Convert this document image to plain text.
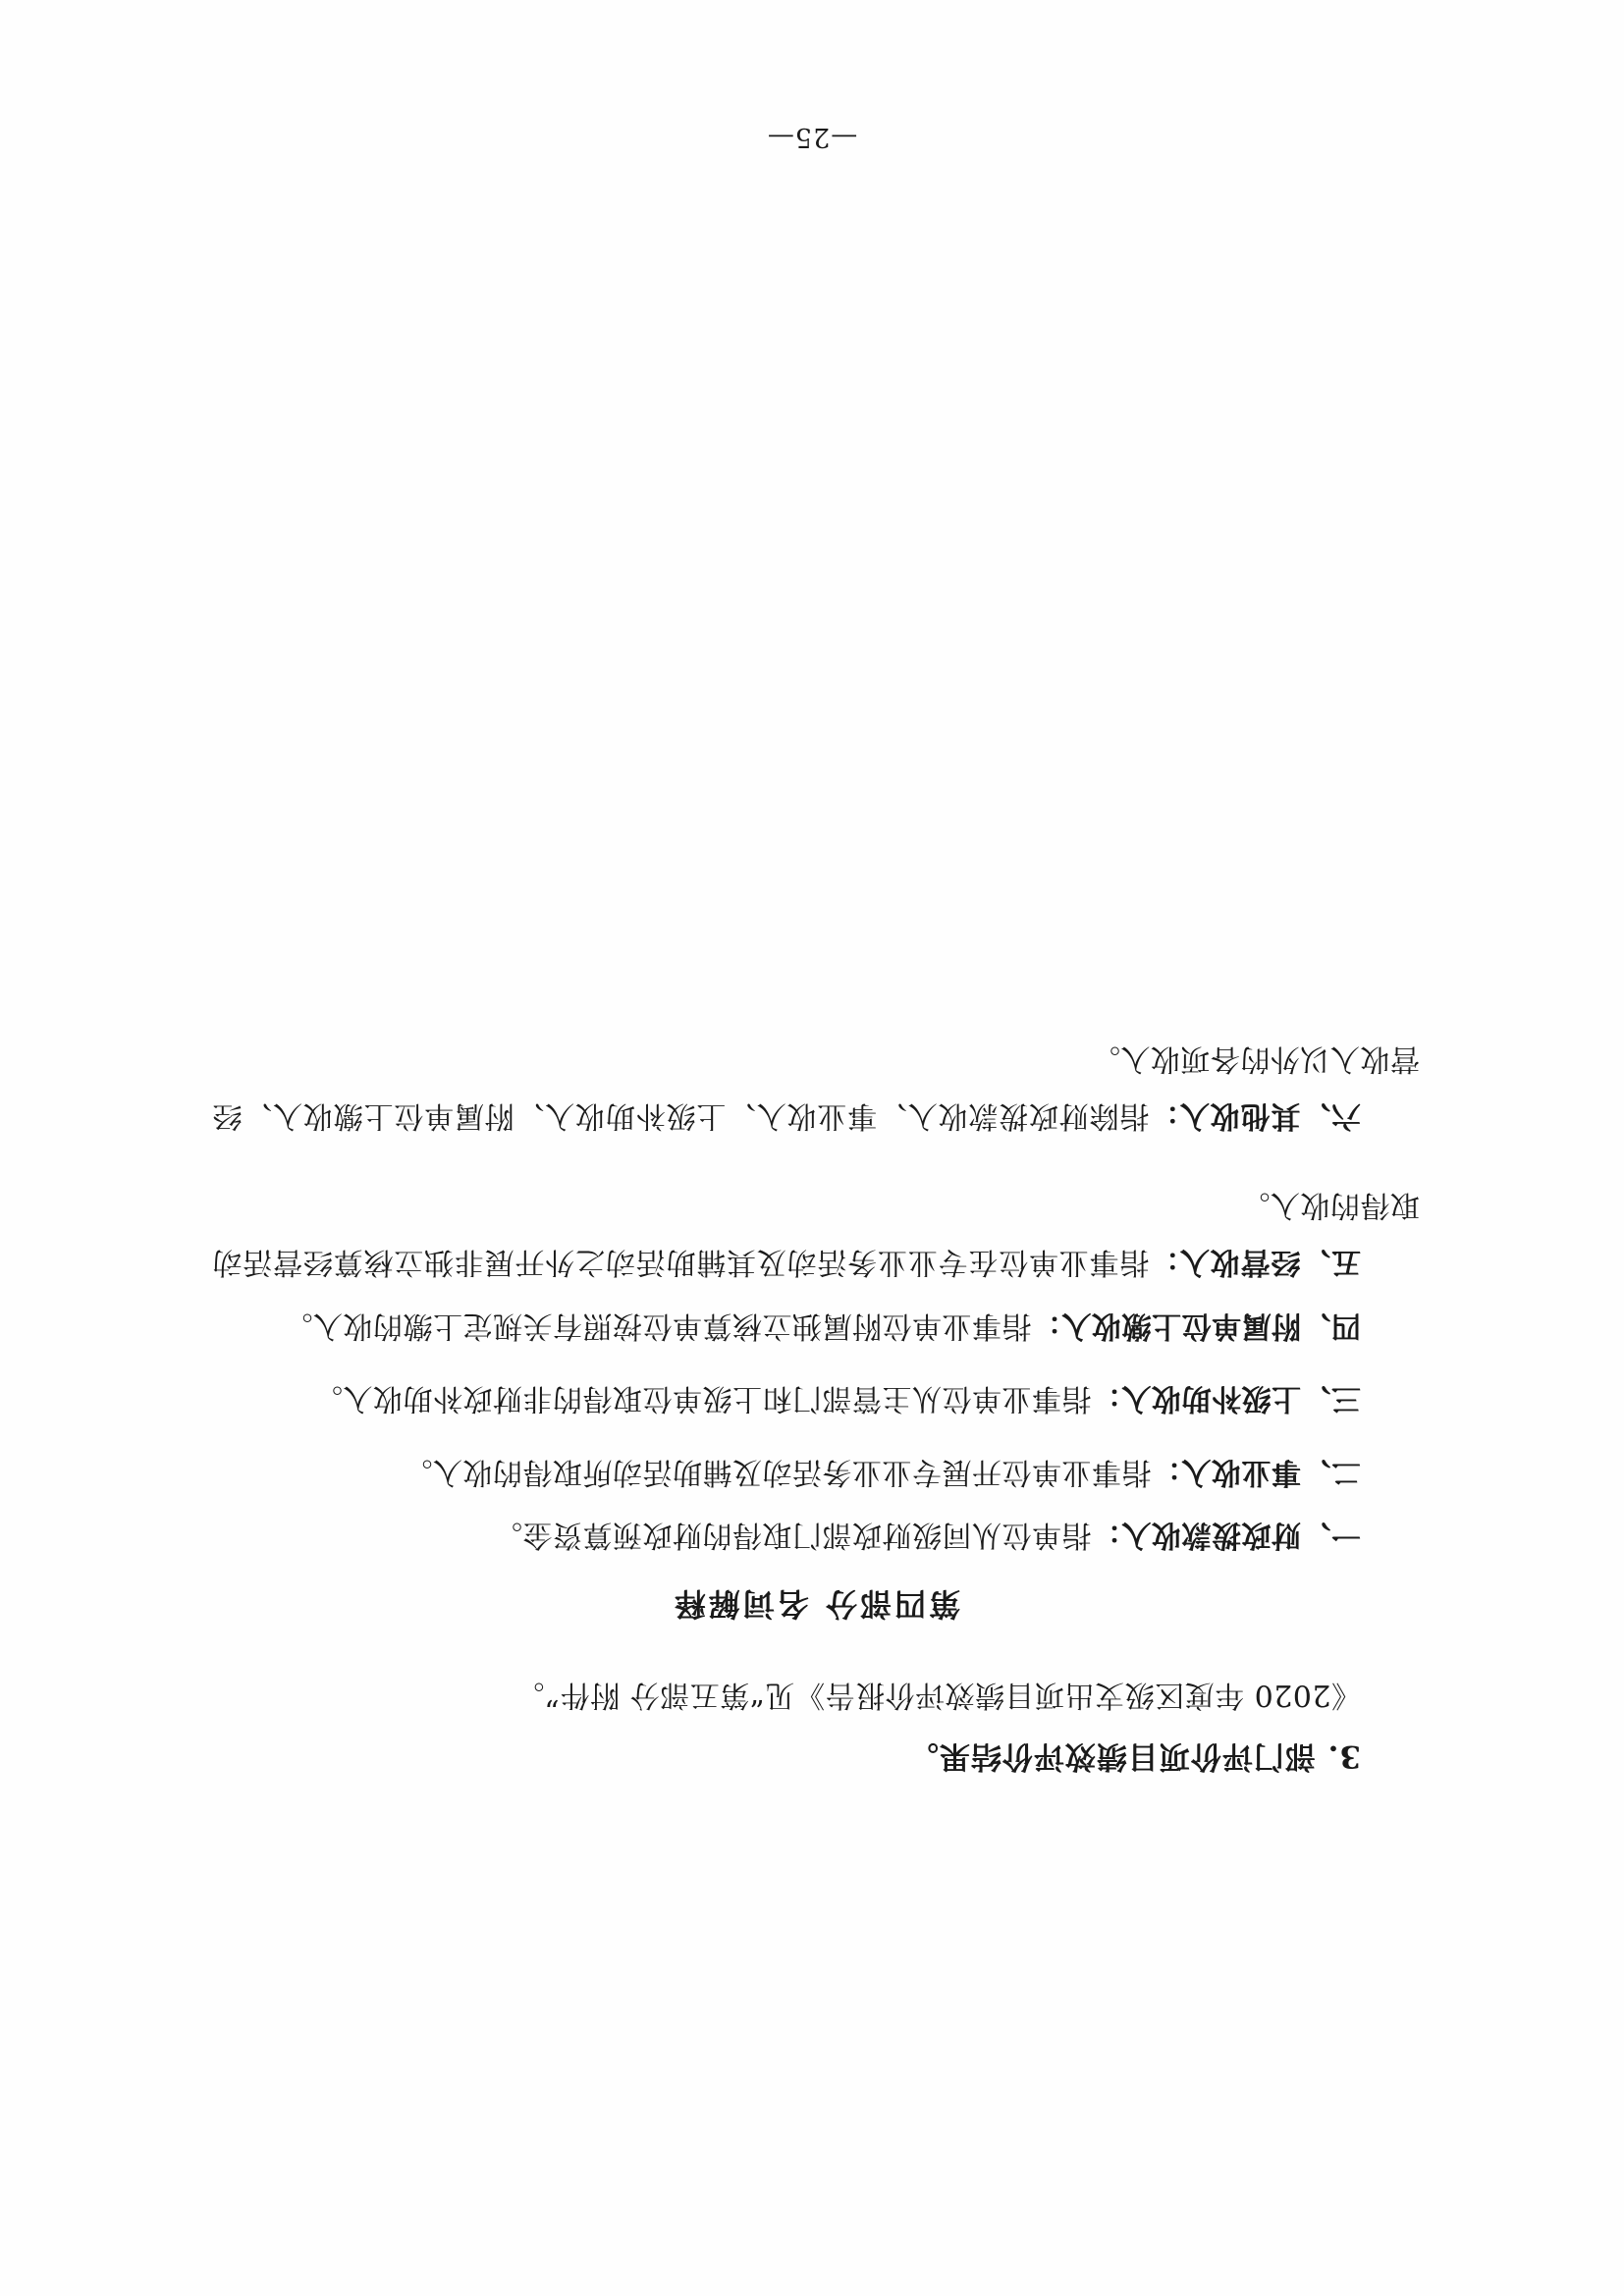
3. 部门评价项目绩效评价结果。

《2020 年度区级支出项目绩效评价报告》见“第五部分 附件”。

第四部分 名词解释

一、财政拨款收入：指单位从同级财政部门取得的财政预算资金。

二、事业收入：指事业单位开展专业业务活动及辅助活动所取得的收入。

三、上级补助收入：指事业单位从主管部门和上级单位取得的非财政补助收入。

四、附属单位上缴收入：指事业单位附属独立核算单位按照有关规定上缴的收入。

五、经营收入：指事业单位在专业业务活动及其辅助活动之外开展非独立核算经营活动取得的收入。

六、其他收入：指除财政拨款收入、事业收入、上级补助收入、附属单位上缴收入、经营收入以外的各项收入。

—25—
